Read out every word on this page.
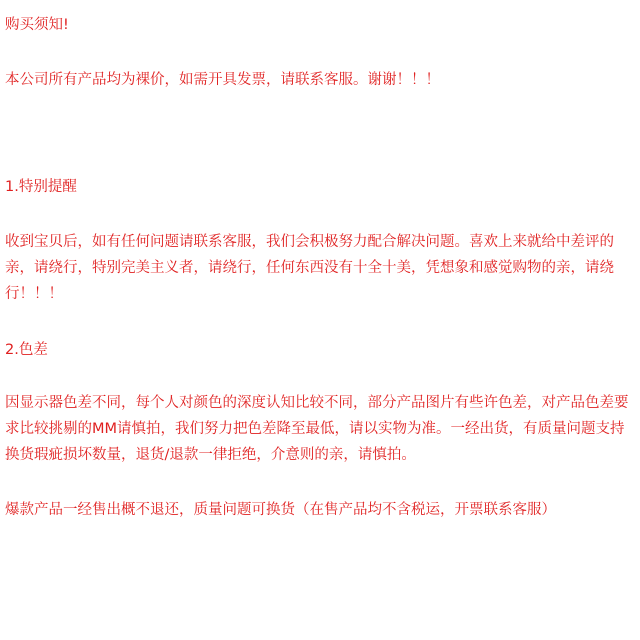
购买须知!

本公司所有产品均为裸价，如需开具发票，请联系客服。谢谢！！！

1.特别提醒

收到宝贝后，如有任何问题请联系客服，我们会积极努力配合解决问题。喜欢上来就给中差评的亲，请绕行，特别完美主义者，请绕行，任何东西没有十全十美，凭想象和感觉购物的亲，请绕行！！！

2.色差

因显示器色差不同，每个人对颜色的深度认知比较不同，部分产品图片有些许色差，对产品色差要求比较挑剔的MM请慎拍，我们努力把色差降至最低，请以实物为准。一经出货，有质量问题支持换货瑕疵损坏数量，退货/退款一律拒绝，介意则的亲，请慎拍。

爆款产品一经售出概不退还，质量问题可换货（在售产品均不含税运，开票联系客服）
